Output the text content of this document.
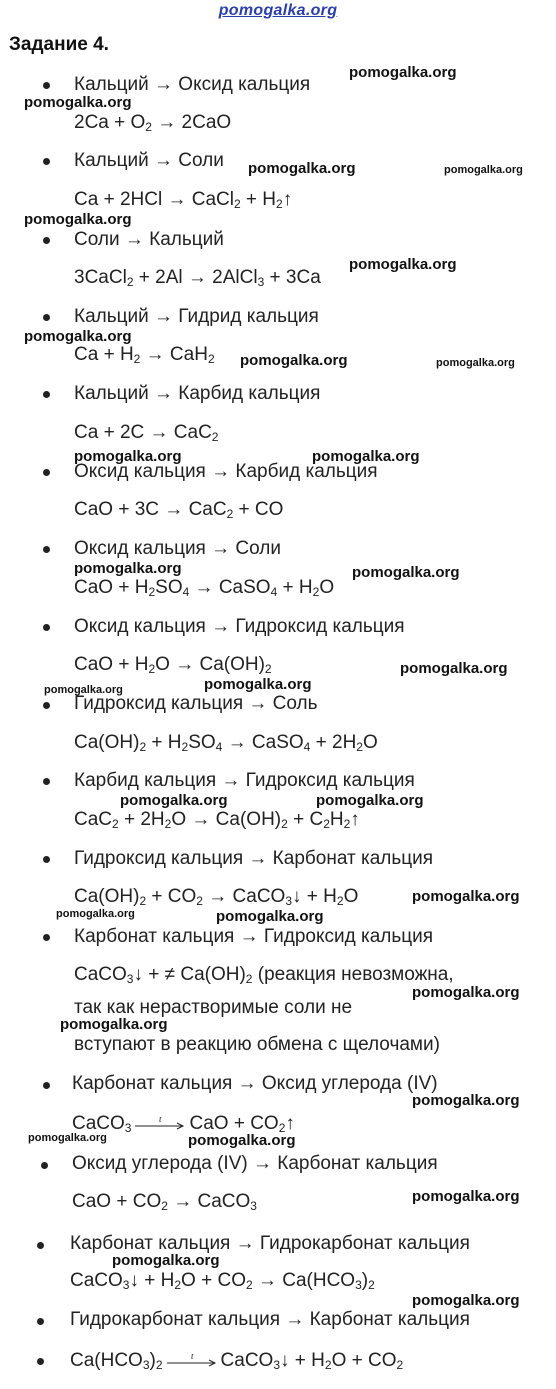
pomogalka.org
Задание 4.
Кальций → Оксид кальция
$2Ca + O_2 \to 2CaO$
Кальций → Соли
Ca + 2HCl → CaCl$_2$ + $H_2↑$
Соли → Кальций
3CaCl$_2$ + 2Al → 2AlCl$_3$ + 3Ca
Кальций → Гидрид кальция
$Ca + H_2 \to CaH_2$
Кальций → Карбид кальция
Ca + 2C → CaC$_2$
Оксид кальция → Карбид кальция
CaO + 3C → CaC$_2$ + CO
Оксид кальция → Соли
CaO + $H_2SO_4$ → CaSO$_4$ + $H_2O$
Оксид кальция → Гидроксид кальция
CaO + $H_2O \to Ca(OH)_2$
Гидроксид кальция → Соль
$Ca(OH)_2 + H_2SO_4$ → CaSO$_4$ + $2H_2O$
Карбид кальция → Гидроксид кальция
$CaC_2 + 2H_2O \to Ca(OH)_2$ + $C_2H_2↑$
Гидроксид кальция → Карбонат кальция
$Ca(OH)_2 + CO_2$ → CaCO$_3$↓ + $H_2O$
Карбонат кальция → Гидроксид кальция
CaCO$_3$↓ + ≠ $Ca(OH)_2$ (реакция невозможна,
так как нерастворимые соли не
вступают в реакцию обмена с щелочами)
Карбонат кальция → Оксид углерода (IV)
CaCO$_3$
t CaO + $CO_2↑$
Оксид углерода (IV) → Карбонат кальция
CaO + $CO_2$ → CaCO$_3$
Карбонат кальция → Гидрокарбонат кальция
CaCO$_3$↓ + $H_2O + CO_2 \to Ca(HCO_3)_2$
Гидрокарбонат кальция → Карбонат кальция
$Ca(HCO_3)_2$
t CaCO$_3$↓ + $H_2O + CO_2$
pomogalka.org
pomogalka.org
pomogalka.org	pomogalka.org
pomogalka.org
pomogalka.org
pomogalka.org
pomogalka.org	pomogalka.org
pomogalka.org	pomogalka.org
pomogalka.org	pomogalka.org
pomogalka.org
pomogalka.org
pomogalka.org
pomogalka.org	pomogalka.org
pomogalka.org
pomogalka.org	pomogalka.org
pomogalka.org
pomogalka.org
pomogalka.org
pomogalka.org	pomogalka.org
pomogalka.org
pomogalka.org
pomogalka.org
